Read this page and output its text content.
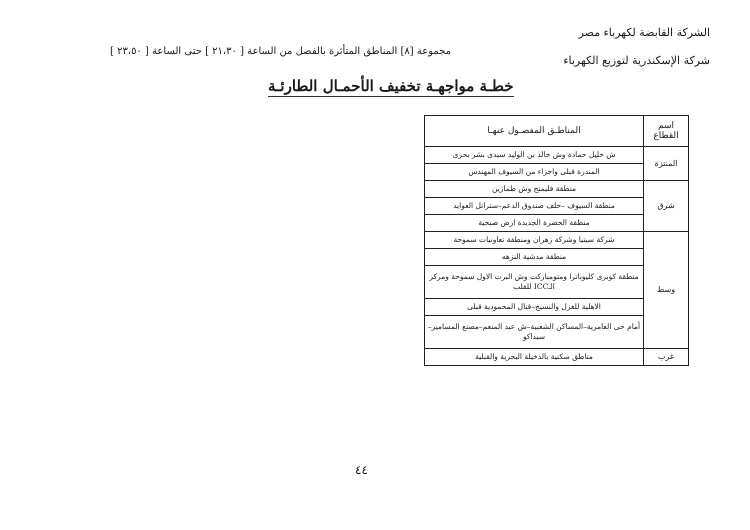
الشركة القابضة لكهرباء مصر
شركة الإسكندرية لتوزيع الكهرباء
مجموعة [٨] المناطق المتأثرة بالفصل من الساعة [ ٢١،٣٠ ] حتى الساعة [ ٢٣،٥٠ ]
خطـة مواجهـة تخفيف الأحمـال الطارئـة
اسم القطاع	المناطـق المفصـول عنهـا
المنتزة	ش خليل حمادة وش خالد بن الوليد سيدى بشر بحرى
	المندرة قبلى واجزاء من السيوف المهندس
شرق	منطقة فليمنج وش طمازين
	منطقة السيوف –خلف صندوق الدعم–ستراتل العوايد
	منطقة الحضرة الجديدة ارض صبحية
وسط	شركة سيتيا وشركة زهران ومنطقة تعاونيات سموحة
	منطقة مدشية النزهه
	منطقة كوبرى كليوباترا ومتومباركت وش البرت الاول سموحة ومركز الـICC للقلب
	الاهلية للغزل والنسيج–قنال المحمودية قبلى
	أمام حى العامرية–المساكن الشعبية–ش عبد المنعم–مصنع المسامير– سيداكو
غرب	مناطق سكنية بالدخيلة البحرية والقبلية
٤٤
